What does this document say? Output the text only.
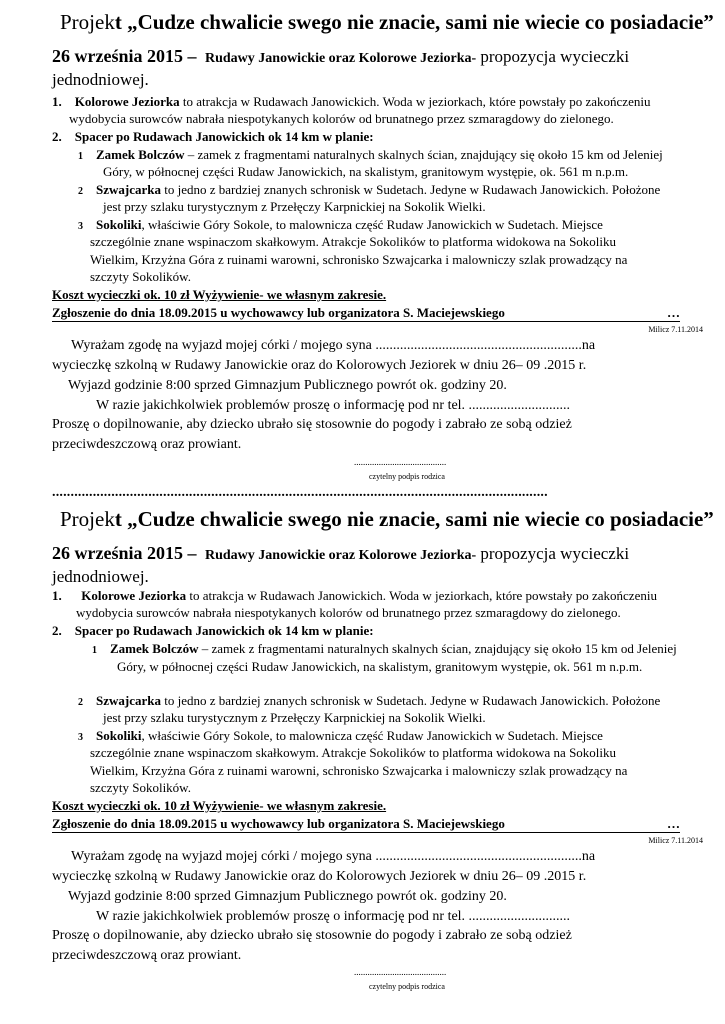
Projekt „Cudze chwalicie swego nie znacie, sami nie wiecie co posiadacie”

26 września 2015 – Rudawy Janowickie oraz Kolorowe Jeziorka- propozycja wycieczki

jednodniowej.

1. Kolorowe Jeziorka to atrakcja w Rudawach Janowickich. Woda w jeziorkach, które powstały po zakończeniu

wydobycia surowców nabrała niespotykanych kolorów od brunatnego przez szmaragdowy do zielonego.

2. Spacer po Rudawach Janowickich ok 14 km w planie:

1 Zamek Bolczów – zamek z fragmentami naturalnych skalnych ścian, znajdujący się około 15 km od Jeleniej

Góry, w północnej części Rudaw Janowickich, na skalistym, granitowym występie, ok. 561 m n.p.m.

2 Szwajcarka to jedno z bardziej znanych schronisk w Sudetach. Jedyne w Rudawach Janowickich. Położone

jest przy szlaku turystycznym z Przełęczy Karpnickiej na Sokolik Wielki.

3 Sokoliki, właściwie Góry Sokole, to malownicza część Rudaw Janowickich w Sudetach. Miejsce

szczególnie znane wspinaczom skałkowym. Atrakcje Sokolików to platforma widokowa na Sokoliku

Wielkim, Krzyżna Góra z ruinami warowni, schronisko Szwajcarka i malowniczy szlak prowadzący na

szczyty Sokolików.

Koszt wycieczki ok. 10 zł Wyżywienie- we własnym zakresie.

Zgłoszenie do dnia 18.09.2015 u wychowawcy lub organizatora S. Maciejewskiego	…

Milicz 7.11.2014

Wyrażam zgodę na wyjazd mojej córki / mojego syna ...........................................................na

wycieczkę szkolną w Rudawy Janowickie oraz do Kolorowych Jeziorek w dniu 26– 09 .2015 r.

Wyjazd godzinie 8:00 sprzed Gimnazjum Publicznego powrót ok. godziny 20.

W razie jakichkolwiek problemów proszę o informację pod nr tel. .............................

Proszę o dopilnowanie, aby dziecko ubrało się stosownie do pogody i zabrało ze sobą odzież

przeciwdeszczową oraz prowiant.

.........................................

czytelny podpis rodzica

......................................................................................................................................

Projekt „Cudze chwalicie swego nie znacie, sami nie wiecie co posiadacie”

26 września 2015 – Rudawy Janowickie oraz Kolorowe Jeziorka- propozycja wycieczki

jednodniowej.

1. Kolorowe Jeziorka to atrakcja w Rudawach Janowickich. Woda w jeziorkach, które powstały po zakończeniu

wydobycia surowców nabrała niespotykanych kolorów od brunatnego przez szmaragdowy do zielonego.

2. Spacer po Rudawach Janowickich ok 14 km w planie:

1 Zamek Bolczów – zamek z fragmentami naturalnych skalnych ścian, znajdujący się około 15 km od Jeleniej

Góry, w północnej części Rudaw Janowickich, na skalistym, granitowym występie, ok. 561 m n.p.m.

2 Szwajcarka to jedno z bardziej znanych schronisk w Sudetach. Jedyne w Rudawach Janowickich. Położone

jest przy szlaku turystycznym z Przełęczy Karpnickiej na Sokolik Wielki.

3 Sokoliki, właściwie Góry Sokole, to malownicza część Rudaw Janowickich w Sudetach. Miejsce

szczególnie znane wspinaczom skałkowym. Atrakcje Sokolików to platforma widokowa na Sokoliku

Wielkim, Krzyżna Góra z ruinami warowni, schronisko Szwajcarka i malowniczy szlak prowadzący na

szczyty Sokolików.

Koszt wycieczki ok. 10 zł Wyżywienie- we własnym zakresie.

Zgłoszenie do dnia 18.09.2015 u wychowawcy lub organizatora S. Maciejewskiego	…

Milicz 7.11.2014

Wyrażam zgodę na wyjazd mojej córki / mojego syna ...........................................................na

wycieczkę szkolną w Rudawy Janowickie oraz do Kolorowych Jeziorek w dniu 26– 09 .2015 r.

Wyjazd godzinie 8:00 sprzed Gimnazjum Publicznego powrót ok. godziny 20.

W razie jakichkolwiek problemów proszę o informację pod nr tel. .............................

Proszę o dopilnowanie, aby dziecko ubrało się stosownie do pogody i zabrało ze sobą odzież

przeciwdeszczową oraz prowiant.

.........................................

czytelny podpis rodzica
